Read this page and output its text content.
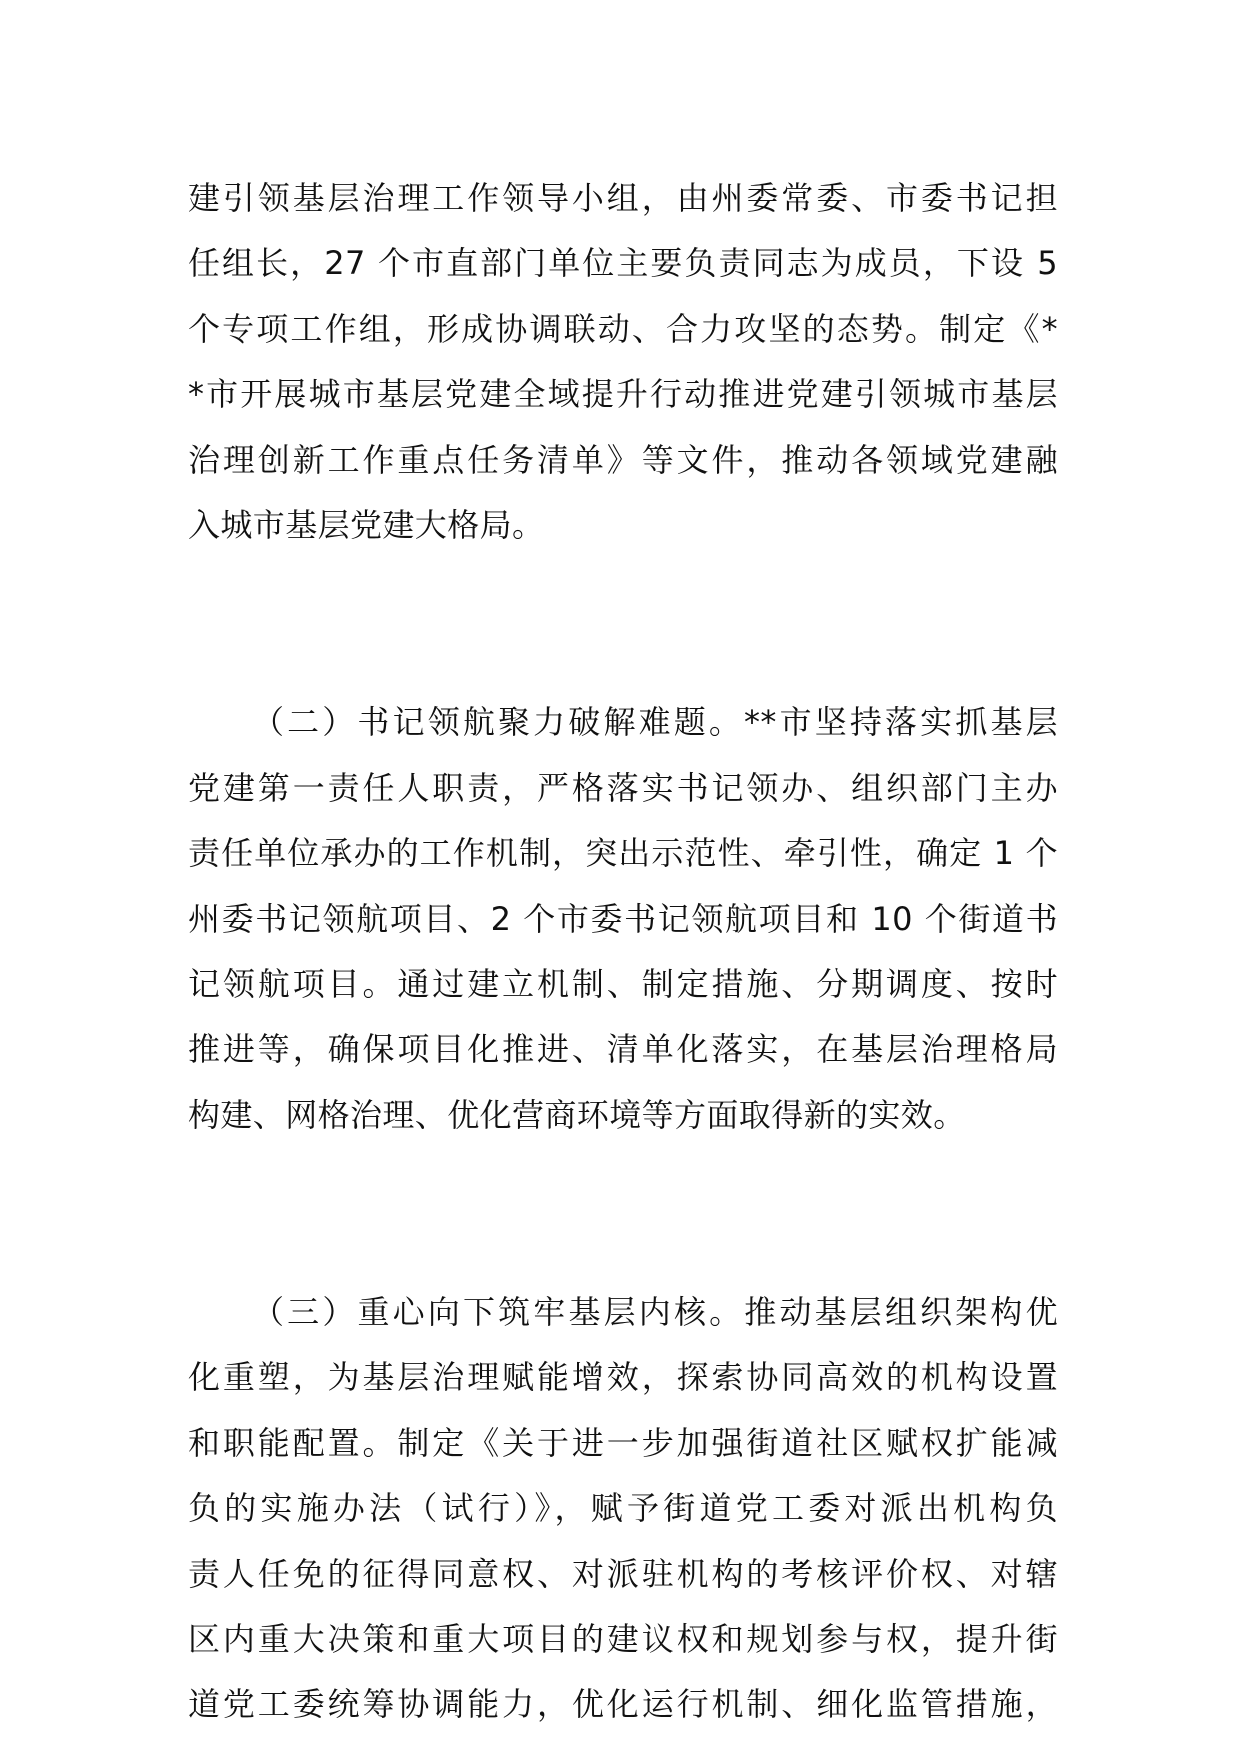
建引领基层治理工作领导小组，由州委常委、市委书记担
任组长，27 个市直部门单位主要负责同志为成员，下设 5
个专项工作组，形成协调联动、合力攻坚的态势。制定《*
*市开展城市基层党建全域提升行动推进党建引领城市基层
治理创新工作重点任务清单》等文件，推动各领域党建融
入城市基层党建大格局。
（二）书记领航聚力破解难题。**市坚持落实抓基层
党建第一责任人职责，严格落实书记领办、组织部门主办
责任单位承办的工作机制，突出示范性、牵引性，确定 1 个
州委书记领航项目、2 个市委书记领航项目和 10 个街道书
记领航项目。通过建立机制、制定措施、分期调度、按时
推进等，确保项目化推进、清单化落实，在基层治理格局
构建、网格治理、优化营商环境等方面取得新的实效。
（三）重心向下筑牢基层内核。推动基层组织架构优
化重塑，为基层治理赋能增效，探索协同高效的机构设置
和职能配置。制定《关于进一步加强街道社区赋权扩能减
负的实施办法（试行）》，赋予街道党工委对派出机构负
责人任免的征得同意权、对派驻机构的考核评价权、对辖
区内重大决策和重大项目的建议权和规划参与权，提升街
道党工委统筹协调能力，优化运行机制、细化监管措施，
